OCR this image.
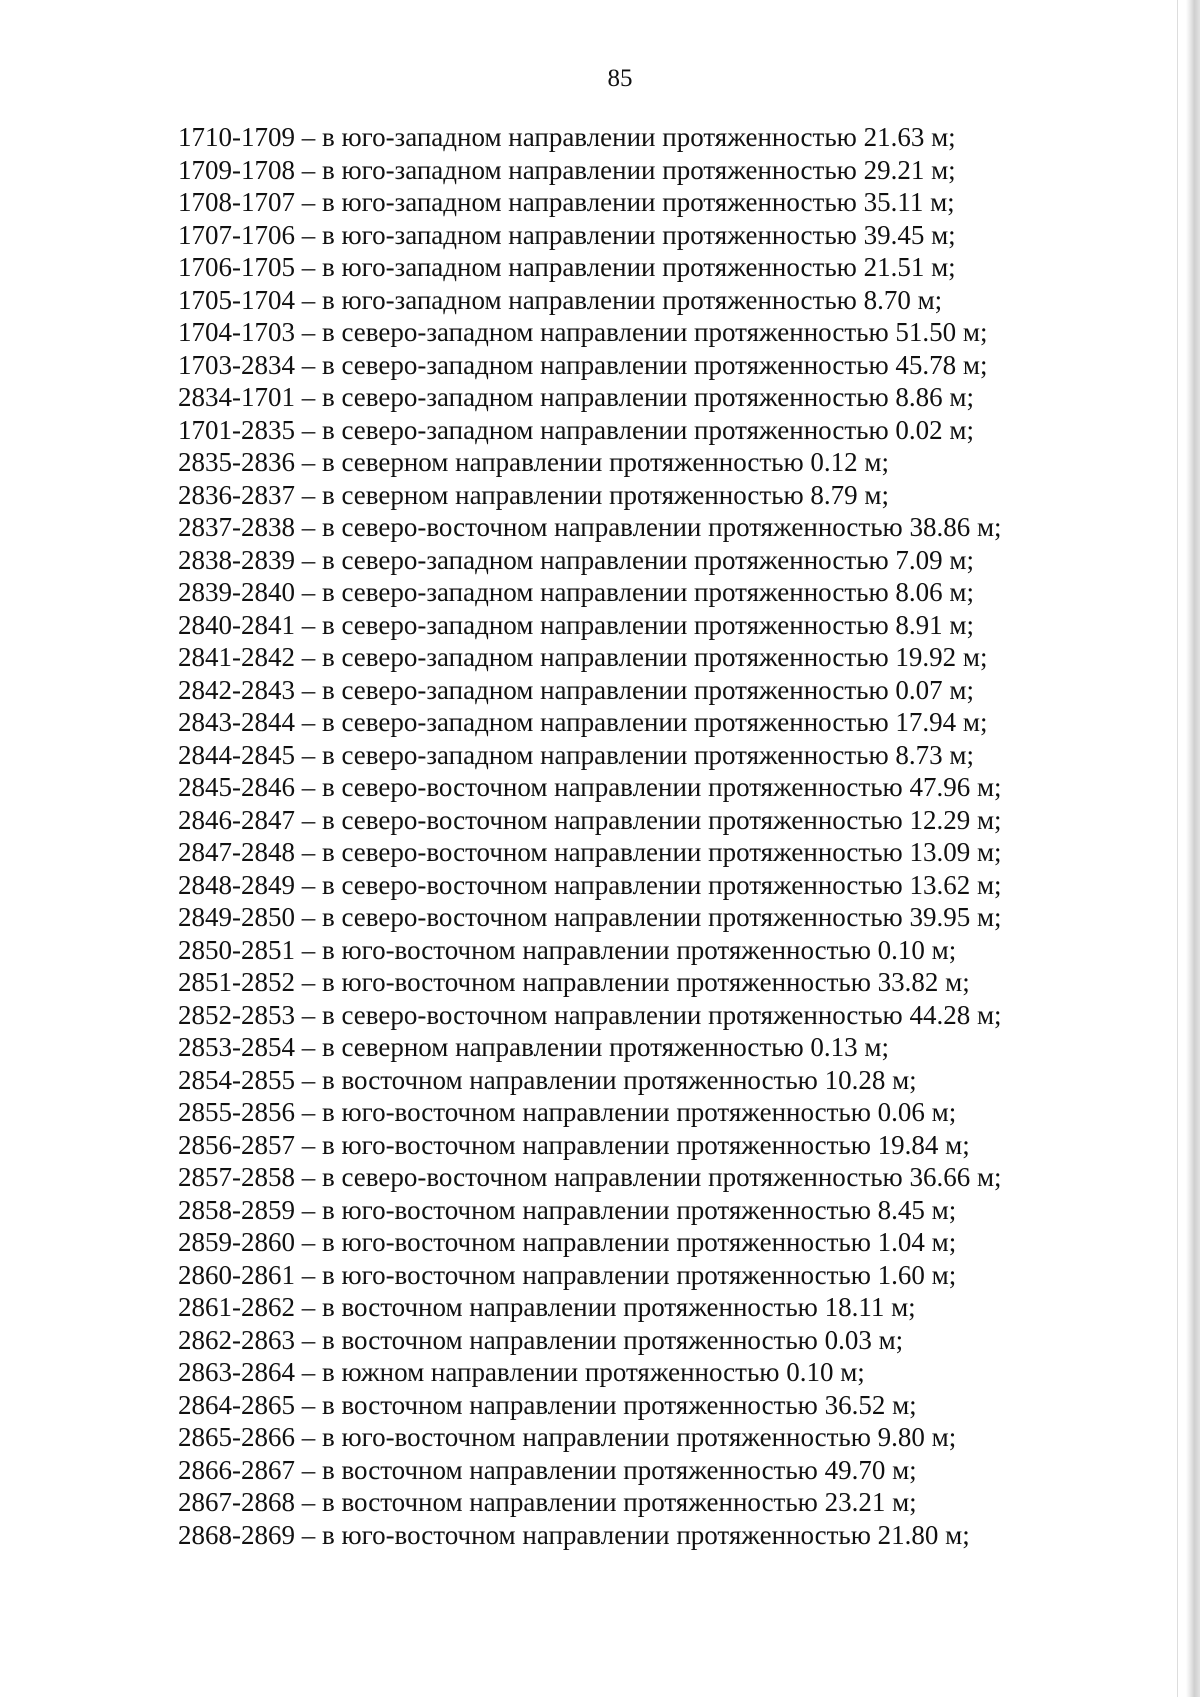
85
1710-1709 – в юго-западном направлении протяженностью 21.63 м;
1709-1708 – в юго-западном направлении протяженностью 29.21 м;
1708-1707 – в юго-западном направлении протяженностью 35.11 м;
1707-1706 – в юго-западном направлении протяженностью 39.45 м;
1706-1705 – в юго-западном направлении протяженностью 21.51 м;
1705-1704 – в юго-западном направлении протяженностью 8.70 м;
1704-1703 – в северо-западном направлении протяженностью 51.50 м;
1703-2834 – в северо-западном направлении протяженностью 45.78 м;
2834-1701 – в северо-западном направлении протяженностью 8.86 м;
1701-2835 – в северо-западном направлении протяженностью 0.02 м;
2835-2836 – в северном направлении протяженностью 0.12 м;
2836-2837 – в северном направлении протяженностью 8.79 м;
2837-2838 – в северо-восточном направлении протяженностью 38.86 м;
2838-2839 – в северо-западном направлении протяженностью 7.09 м;
2839-2840 – в северо-западном направлении протяженностью 8.06 м;
2840-2841 – в северо-западном направлении протяженностью 8.91 м;
2841-2842 – в северо-западном направлении протяженностью 19.92 м;
2842-2843 – в северо-западном направлении протяженностью 0.07 м;
2843-2844 – в северо-западном направлении протяженностью 17.94 м;
2844-2845 – в северо-западном направлении протяженностью 8.73 м;
2845-2846 – в северо-восточном направлении протяженностью 47.96 м;
2846-2847 – в северо-восточном направлении протяженностью 12.29 м;
2847-2848 – в северо-восточном направлении протяженностью 13.09 м;
2848-2849 – в северо-восточном направлении протяженностью 13.62 м;
2849-2850 – в северо-восточном направлении протяженностью 39.95 м;
2850-2851 – в юго-восточном направлении протяженностью 0.10 м;
2851-2852 – в юго-восточном направлении протяженностью 33.82 м;
2852-2853 – в северо-восточном направлении протяженностью 44.28 м;
2853-2854 – в северном направлении протяженностью 0.13 м;
2854-2855 – в восточном направлении протяженностью 10.28 м;
2855-2856 – в юго-восточном направлении протяженностью 0.06 м;
2856-2857 – в юго-восточном направлении протяженностью 19.84 м;
2857-2858 – в северо-восточном направлении протяженностью 36.66 м;
2858-2859 – в юго-восточном направлении протяженностью 8.45 м;
2859-2860 – в юго-восточном направлении протяженностью 1.04 м;
2860-2861 – в юго-восточном направлении протяженностью 1.60 м;
2861-2862 – в восточном направлении протяженностью 18.11 м;
2862-2863 – в восточном направлении протяженностью 0.03 м;
2863-2864 – в южном направлении протяженностью 0.10 м;
2864-2865 – в восточном направлении протяженностью 36.52 м;
2865-2866 – в юго-восточном направлении протяженностью 9.80 м;
2866-2867 – в восточном направлении протяженностью 49.70 м;
2867-2868 – в восточном направлении протяженностью 23.21 м;
2868-2869 – в юго-восточном направлении протяженностью 21.80 м;
